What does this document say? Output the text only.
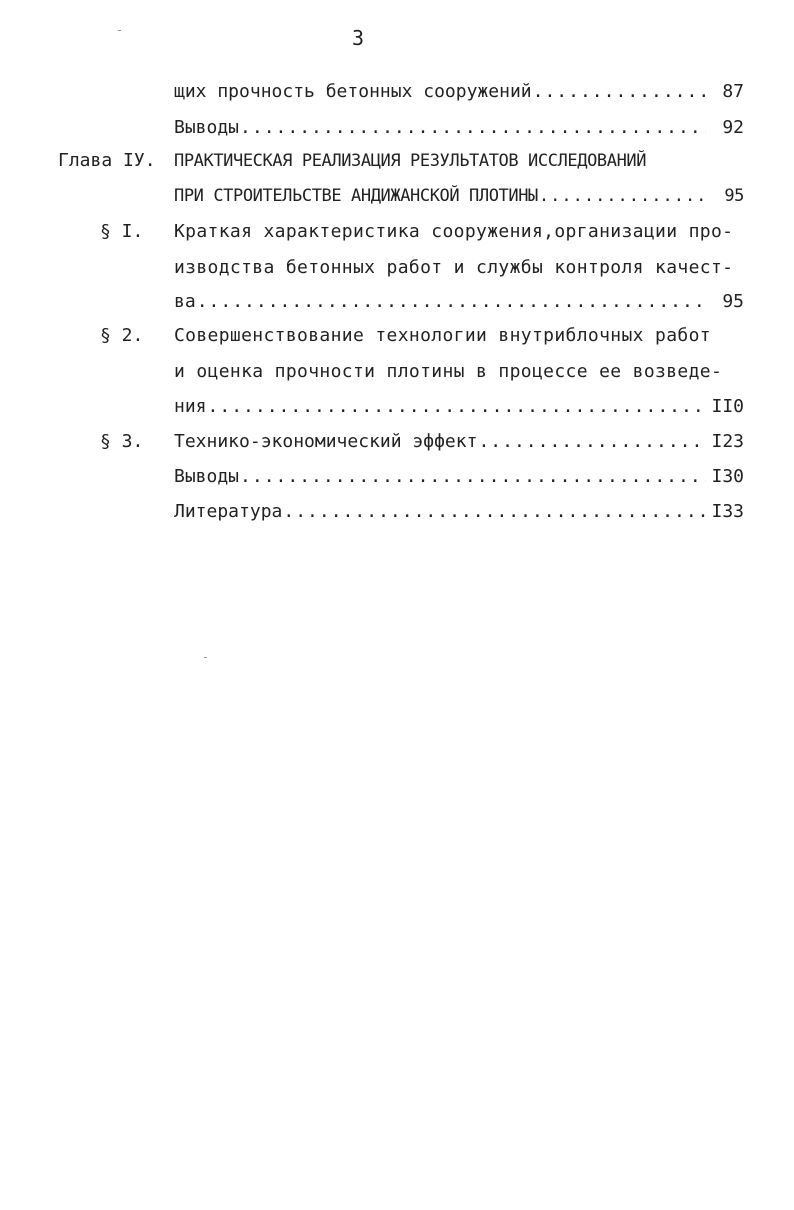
3
щих прочность бетонных сооружений .....	87
Выводы .....	92
Глава ІУ. ПРАКТИЧЕСКАЯ РЕАЛИЗАЦИЯ РЕЗУЛЬТАТОВ ИССЛЕДОВАНИЙ
ПРИ СТРОИТЕЛЬСТВЕ АНДИЖАНСКОЙ ПЛОТИНЫ .....	95
§ I. Краткая характеристика сооружения,организации про-
изводства бетонных работ и службы контроля качест-
ва .....	95
§ 2. Совершенствование технологии внутриблочных работ
и оценка прочности плотины в процессе ее возведе-
ния .....	II0
§ 3. Технико-экономический эффект .....	I23
Выводы .....	I30
Литература .....	I33
